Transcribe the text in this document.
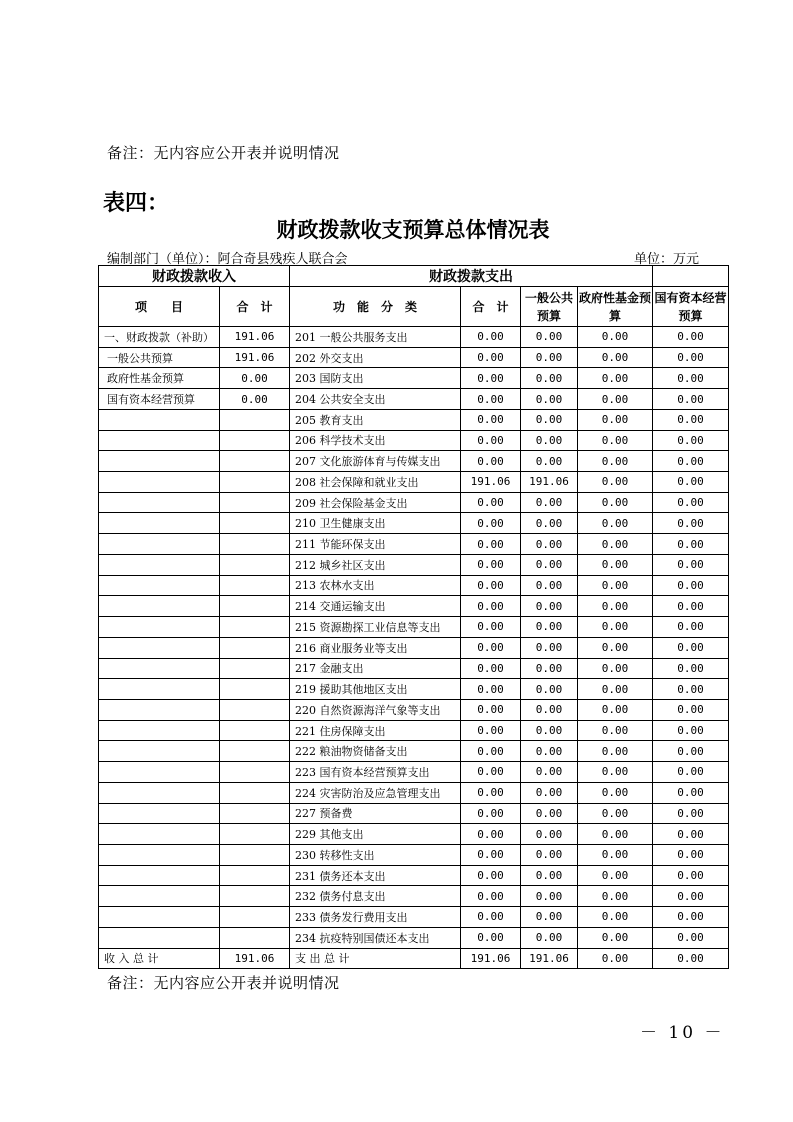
备注：无内容应公开表并说明情况
表四：
财政拨款收支预算总体情况表
编制部门（单位）：阿合奇县残疾人联合会	单位：万元
财政拨款收入		财政拨款支出				
项　　目	合　计	功　能　分　类	合　计	一般公共预算	政府性基金预算	国有资本经营预算
一、财政拨款（补助）	191.06	201 一般公共服务支出	0.00	0.00	0.00	0.00
一般公共预算	191.06	202 外交支出	0.00	0.00	0.00	0.00
政府性基金预算	0.00	203 国防支出	0.00	0.00	0.00	0.00
国有资本经营预算	0.00	204 公共安全支出	0.00	0.00	0.00	0.00
		205 教育支出	0.00	0.00	0.00	0.00
		206 科学技术支出	0.00	0.00	0.00	0.00
		207 文化旅游体育与传媒支出	0.00	0.00	0.00	0.00
		208 社会保障和就业支出	191.06	191.06	0.00	0.00
		209 社会保险基金支出	0.00	0.00	0.00	0.00
		210 卫生健康支出	0.00	0.00	0.00	0.00
		211 节能环保支出	0.00	0.00	0.00	0.00
		212 城乡社区支出	0.00	0.00	0.00	0.00
		213 农林水支出	0.00	0.00	0.00	0.00
		214 交通运输支出	0.00	0.00	0.00	0.00
		215 资源勘探工业信息等支出	0.00	0.00	0.00	0.00
		216 商业服务业等支出	0.00	0.00	0.00	0.00
		217 金融支出	0.00	0.00	0.00	0.00
		219 援助其他地区支出	0.00	0.00	0.00	0.00
		220 自然资源海洋气象等支出	0.00	0.00	0.00	0.00
		221 住房保障支出	0.00	0.00	0.00	0.00
		222 粮油物资储备支出	0.00	0.00	0.00	0.00
		223 国有资本经营预算支出	0.00	0.00	0.00	0.00
		224 灾害防治及应急管理支出	0.00	0.00	0.00	0.00
		227 预备费	0.00	0.00	0.00	0.00
		229 其他支出	0.00	0.00	0.00	0.00
		230 转移性支出	0.00	0.00	0.00	0.00
		231 债务还本支出	0.00	0.00	0.00	0.00
		232 债务付息支出	0.00	0.00	0.00	0.00
		233 债务发行费用支出	0.00	0.00	0.00	0.00
		234 抗疫特别国债还本支出	0.00	0.00	0.00	0.00
收 入 总 计	191.06	支 出 总 计	191.06	191.06	0.00	0.00
备注：无内容应公开表并说明情况
－ 10 －
